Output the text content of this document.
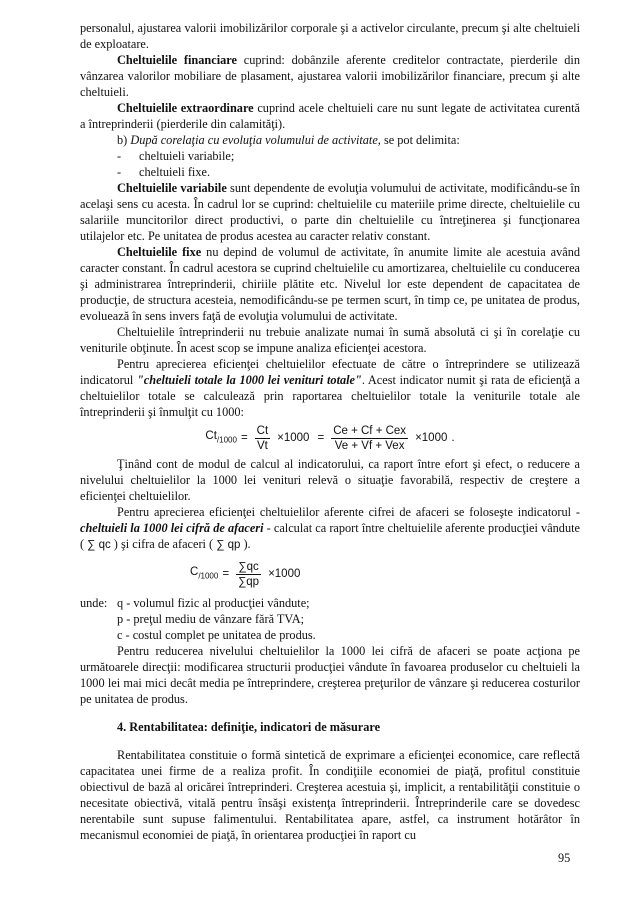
personalul, ajustarea valorii imobilizărilor corporale şi a activelor circulante, precum şi alte cheltuieli de exploatare.

Cheltuielile financiare cuprind: dobânzile aferente creditelor contractate, pierderile din vânzarea valorilor mobiliare de plasament, ajustarea valorii imobilizărilor financiare, precum şi alte cheltuieli.

Cheltuielile extraordinare cuprind acele cheltuieli care nu sunt legate de activitatea curentă a întreprinderii (pierderile din calamităţi).

b) După corelaţia cu evoluţia volumului de activitate, se pot delimita:

- cheltuieli variabile;

- cheltuieli fixe.

Cheltuielile variabile sunt dependente de evoluţia volumului de activitate, modificându-se în acelaşi sens cu acesta. În cadrul lor se cuprind: cheltuielile cu materiile prime directe, cheltuielile cu salariile muncitorilor direct productivi, o parte din cheltuielile cu întreţinerea şi funcţionarea utilajelor etc. Pe unitatea de produs acestea au caracter relativ constant.

Cheltuielile fixe nu depind de volumul de activitate, în anumite limite ale acestuia având caracter constant. În cadrul acestora se cuprind cheltuielile cu amortizarea, cheltuielile cu conducerea şi administrarea întreprinderii, chiriile plătite etc. Nivelul lor este dependent de capacitatea de producţie, de structura acesteia, nemodificându-se pe termen scurt, în timp ce, pe unitatea de produs, evoluează în sens invers faţă de evoluţia volumului de activitate.

Cheltuielile întreprinderii nu trebuie analizate numai în sumă absolută ci şi în corelaţie cu veniturile obţinute. În acest scop se impune analiza eficienţei acestora.

Pentru aprecierea eficienţei cheltuielilor efectuate de către o întreprindere se utilizează indicatorul "cheltuieli totale la 1000 lei venituri totale". Acest indicator numit şi rata de eficienţă a cheltuielilor totale se calculează prin raportarea cheltuielilor totale la veniturile totale ale întreprinderii şi înmulţit cu 1000:

$Ct_{/1000} = \frac{Ct}{Vt} \times 1000 = \frac{\text{Ce + Cf + Cex}}{\text{Ve + Vf + Vex}} \times 1000$ .

Ţinând cont de modul de calcul al indicatorului, ca raport între efort şi efect, o reducere a nivelului cheltuielilor la 1000 lei venituri relevă o situaţie favorabilă, respectiv de creştere a eficienţei cheltuielilor.

Pentru aprecierea eficienţei cheltuielilor aferente cifrei de afaceri se foloseşte indicatorul - cheltuieli la 1000 lei cifră de afaceri - calculat ca raport între cheltuielile aferente producţiei vândute ( ∑ qc ) şi cifra de afaceri ( ∑ qp ).

$C_{/1000} = \frac{\sum qc}{\sum qp} \times 1000$

unde: q - volumul fizic al producţiei vândute;

p - preţul mediu de vânzare fără TVA;

c - costul complet pe unitatea de produs.

Pentru reducerea nivelului cheltuielilor la 1000 lei cifră de afaceri se poate acţiona pe următoarele direcţii: modificarea structurii producţiei vândute în favoarea produselor cu cheltuieli la 1000 lei mai mici decât media pe întreprindere, creşterea preţurilor de vânzare şi reducerea costurilor pe unitatea de produs.

4. Rentabilitatea: definiţie, indicatori de măsurare

Rentabilitatea constituie o formă sintetică de exprimare a eficienţei economice, care reflectă capacitatea unei firme de a realiza profit. În condiţiile economiei de piaţă, profitul constituie obiectivul de bază al oricărei întreprinderi. Creşterea acestuia şi, implicit, a rentabilităţii constituie o necesitate obiectivă, vitală pentru însăşi existenţa întreprinderii. Întreprinderile care se dovedesc nerentabile sunt supuse falimentului. Rentabilitatea apare, astfel, ca instrument hotărâtor în mecanismul economiei de piaţă, în orientarea producţiei în raport cu

95
